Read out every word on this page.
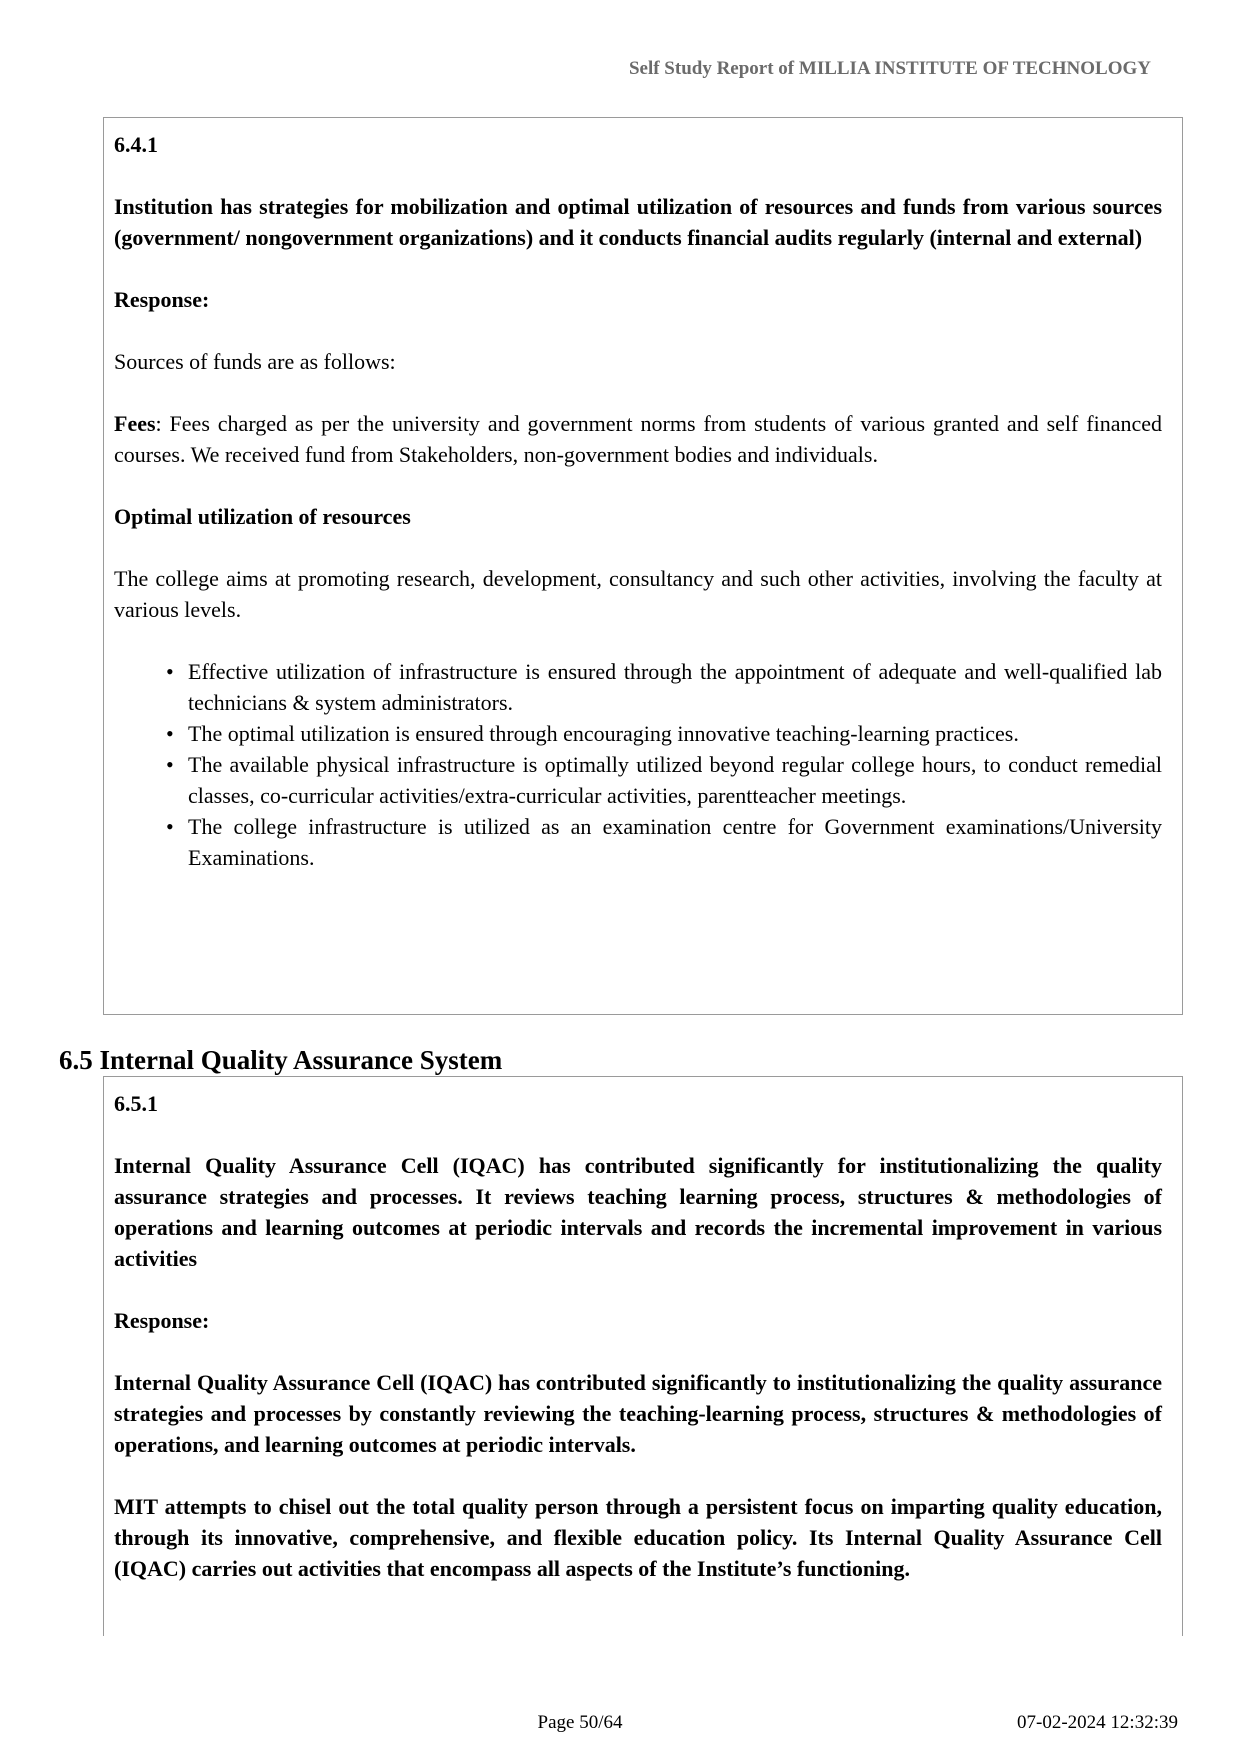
Self Study Report of MILLIA INSTITUTE OF TECHNOLOGY

6.4.1

Institution has strategies for mobilization and optimal utilization of resources and funds from various sources (government/ nongovernment organizations) and it conducts financial audits regularly (internal and external)

Response:

Sources of funds are as follows:

Fees: Fees charged as per the university and government norms from students of various granted and self financed courses. We received fund from Stakeholders, non-government bodies and individuals.

Optimal utilization of resources

The college aims at promoting research, development, consultancy and such other activities, involving the faculty at various levels.

• Effective utilization of infrastructure is ensured through the appointment of adequate and well-qualified lab technicians & system administrators.
• The optimal utilization is ensured through encouraging innovative teaching-learning practices.
• The available physical infrastructure is optimally utilized beyond regular college hours, to conduct remedial classes, co-curricular activities/extra-curricular activities, parentteacher meetings.
• The college infrastructure is utilized as an examination centre for Government examinations/University Examinations.
6.5 Internal Quality Assurance System

6.5.1

Internal Quality Assurance Cell (IQAC) has contributed significantly for institutionalizing the quality assurance strategies and processes. It reviews teaching learning process, structures & methodologies of operations and learning outcomes at periodic intervals and records the incremental improvement in various activities

Response:

Internal Quality Assurance Cell (IQAC) has contributed significantly to institutionalizing the quality assurance strategies and processes by constantly reviewing the teaching-learning process, structures & methodologies of operations, and learning outcomes at periodic intervals.

MIT attempts to chisel out the total quality person through a persistent focus on imparting quality education, through its innovative, comprehensive, and flexible education policy. Its Internal Quality Assurance Cell (IQAC) carries out activities that encompass all aspects of the Institute’s functioning.

Page 50/64	07-02-2024 12:32:39
